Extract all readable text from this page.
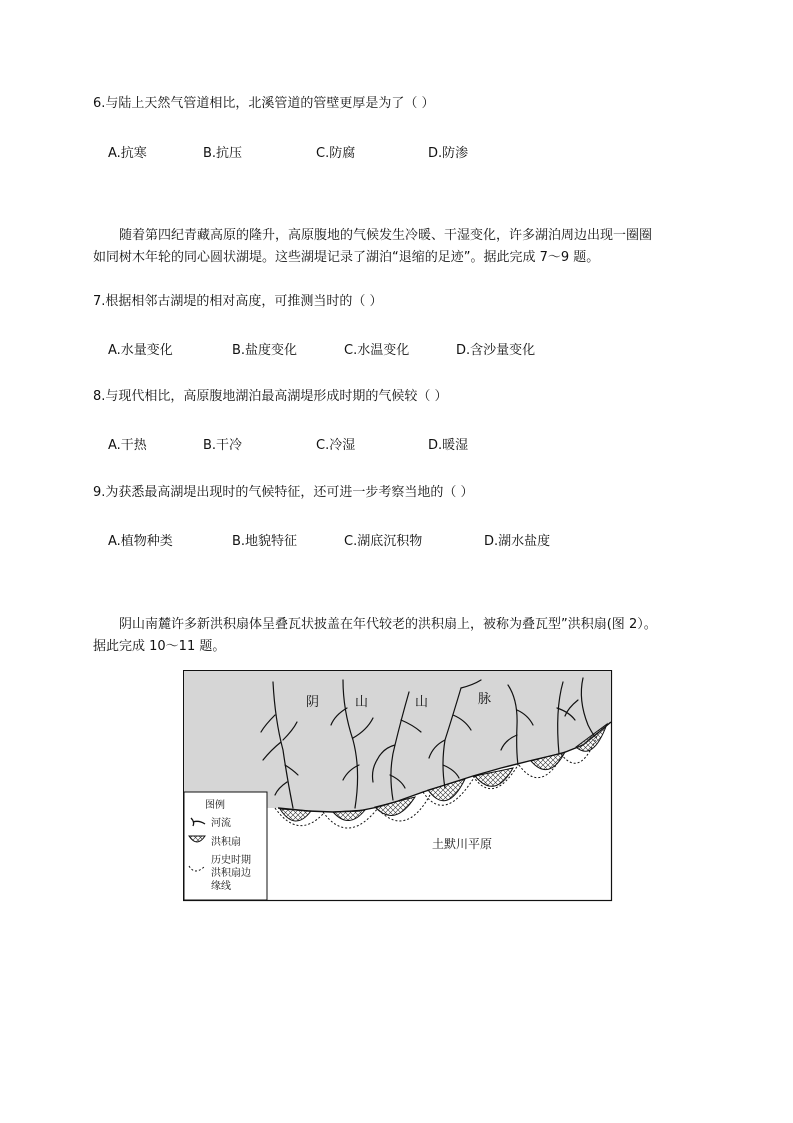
6.与陆上天然气管道相比，北溪管道的管壁更厚是为了（ ）
A.抗寒	B.抗压	C.防腐	D.防渗
随着第四纪青藏高原的隆升，高原腹地的气候发生冷暖、干湿变化，许多湖泊周边出现一圈圈
如同树木年轮的同心圆状湖堤。这些湖堤记录了湖泊“退缩的足迹”。据此完成 7～9 题。
7.根据相邻古湖堤的相对高度，可推测当时的（ ）
A.水量变化	B.盐度变化	C.水温变化	D.含沙量变化
8.与现代相比，高原腹地湖泊最高湖堤形成时期的气候较（ ）
A.干热	B.干冷	C.冷湿	D.暖湿
9.为获悉最高湖堤出现时的气候特征，还可进一步考察当地的（ ）
A.植物种类	B.地貌特征	C.湖底沉积物	D.湖水盐度
阴山南麓许多新洪积扇体呈叠瓦状披盖在年代较老的洪积扇上，被称为叠瓦型”洪积扇(图 2）。
据此完成 10～11 题。
阴	山	山	脉
土默川平原
图例
河流
洪积扇
历史时期
洪积扇边
缘线
